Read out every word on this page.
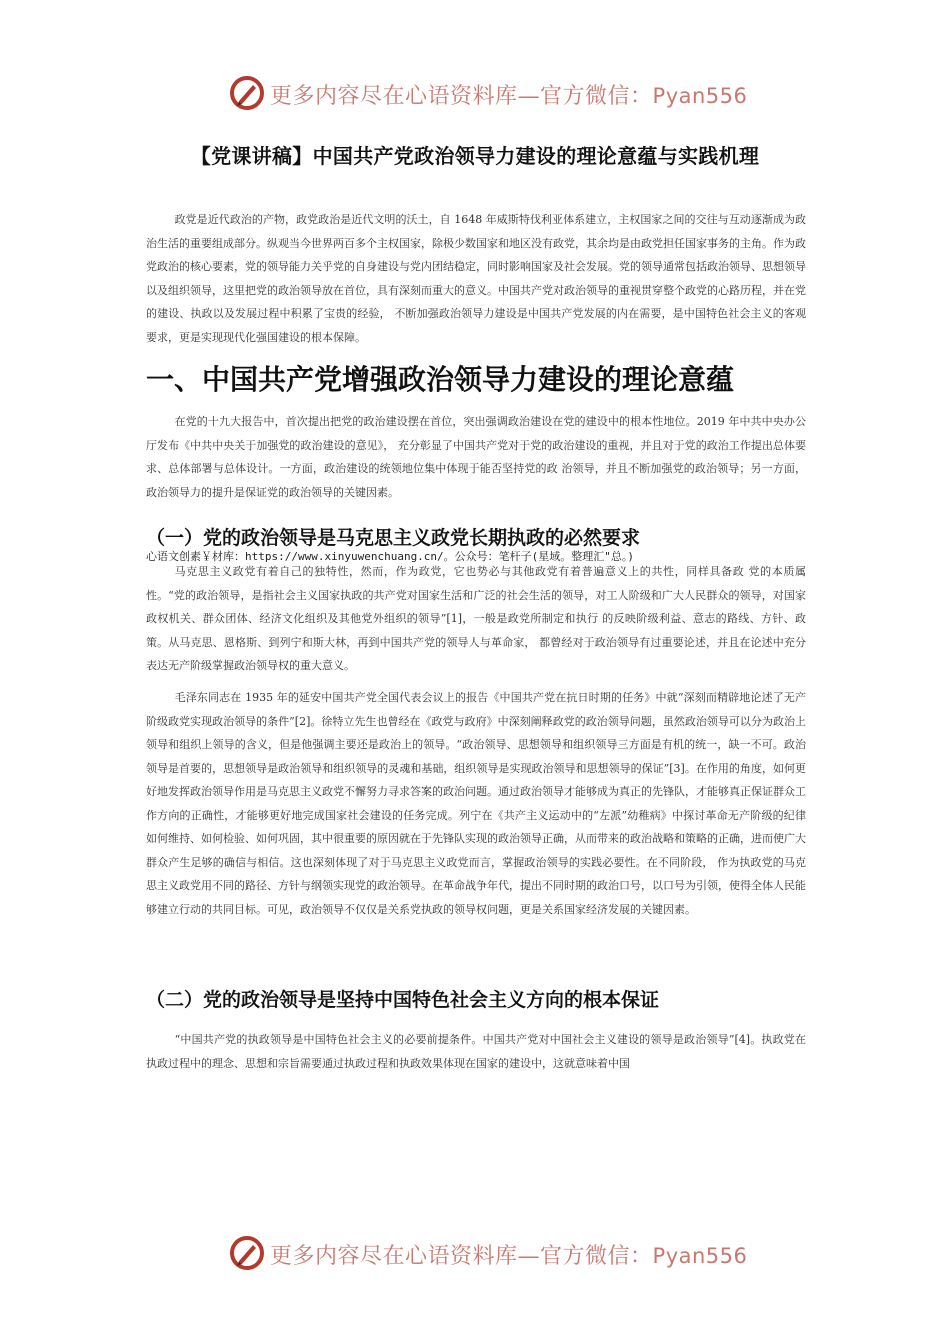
更多内容尽在心语资料库—官方微信：Pyan556
【党课讲稿】中国共产党政治领导力建设的理论意蕴与实践机理

政党是近代政治的产物，政党政治是近代文明的沃土，自 1648 年威斯特伐利亚体系建立，主权国家之间的交往与互动逐渐成为政治生活的重要组成部分。纵观当今世界两百多个主权国家，除极少数国家和地区没有政党，其余均是由政党担任国家事务的主角。作为政党政治的核心要素，党的领导能力关乎党的自身建设与党内团结稳定，同时影响国家及社会发展。党的领导通常包括政治领导、思想领导以及组织领导，这里把党的政治领导放在首位，具有深刻而重大的意义。中国共产党对政治领导的重视贯穿整个政党的心路历程，并在党的建设、执政以及发展过程中积累了宝贵的经验， 不断加强政治领导力建设是中国共产党发展的内在需要，是中国特色社会主义的客观要求，更是实现现代化强国建设的根本保障。

一、中国共产党增强政治领导力建设的理论意蕴

在党的十九大报告中，首次提出把党的政治建设摆在首位，突出强调政治建设在党的建设中的根本性地位。2019 年中共中央办公厅发布《中共中央关于加强党的政治建设的意见》， 充分彰显了中国共产党对于党的政治建设的重视，并且对于党的政治工作提出总体要求、总体部署与总体设计。一方面，政治建设的统领地位集中体现于能否坚持党的政 治领导，并且不断加强党的政治领导；另一方面，政治领导力的提升是保证党的政治领导的关键因素。

（一）党的政治领导是马克思主义政党长期执政的必然要求
心语文创素￥材库：https://www.xinyuwenchuang.cn/。公众号：笔杆子(星域。整理汇"总。)

马克思主义政党有着自己的独特性，然而，作为政党，它也势必与其他政党有着普遍意义上的共性，同样具备政 党的本质属性。“党的政治领导，是指社会主义国家执政的共产党对国家生活和广泛的社会生活的领导，对工人阶级和广大人民群众的领导，对国家政权机关、群众团体、经济文化组织及其他党外组织的领导”[1]，一般是政党所制定和执行 的反映阶级利益、意志的路线、方针、政策。从马克思、恩格斯、到列宁和斯大林，再到中国共产党的领导人与革命家， 都曾经对于政治领导有过重要论述，并且在论述中充分表达无产阶级掌握政治领导权的重大意义。

毛泽东同志在 1935 年的延安中国共产党全国代表会议上的报告《中国共产党在抗日时期的任务》中就“深刻而精辟地论述了无产阶级政党实现政治领导的条件”[2]。徐特立先生也曾经在《政党与政府》中深刻阐释政党的政治领导问题，虽然政治领导可以分为政治上领导和组织上领导的含义，但是他强调主要还是政治上的领导。“政治领导、思想领导和组织领导三方面是有机的统一，缺一不可。政治领导是首要的，思想领导是政治领导和组织领导的灵魂和基础，组织领导是实现政治领导和思想领导的保证”[3]。在作用的角度，如何更好地发挥政治领导作用是马克思主义政党不懈努力寻求答案的政治问题。通过政治领导才能够成为真正的先锋队，才能够真正保证群众工作方向的正确性，才能够更好地完成国家社会建设的任务完成。列宁在《共产主义运动中的“左派”幼稚病》中探讨革命无产阶级的纪律如何维持、如何检验、如何巩固，其中很重要的原因就在于先锋队实现的政治领导正确，从而带来的政治战略和策略的正确，进而使广大群众产生足够的确信与相信。这也深刻体现了对于马克思主义政党而言，掌握政治领导的实践必要性。在不同阶段， 作为执政党的马克思主义政党用不同的路径、方针与纲领实现党的政治领导。在革命战争年代，提出不同时期的政治口号，以口号为引领，使得全体人民能够建立行动的共同目标。可见，政治领导不仅仅是关系党执政的领导权问题，更是关系国家经济发展的关键因素。

（二）党的政治领导是坚持中国特色社会主义方向的根本保证

“中国共产党的执政领导是中国特色社会主义的必要前提条件。中国共产党对中国社会主义建设的领导是政治领导”[4]。执政党在执政过程中的理念、思想和宗旨需要通过执政过程和执政效果体现在国家的建设中，这就意味着中国

更多内容尽在心语资料库—官方微信：Pyan556
